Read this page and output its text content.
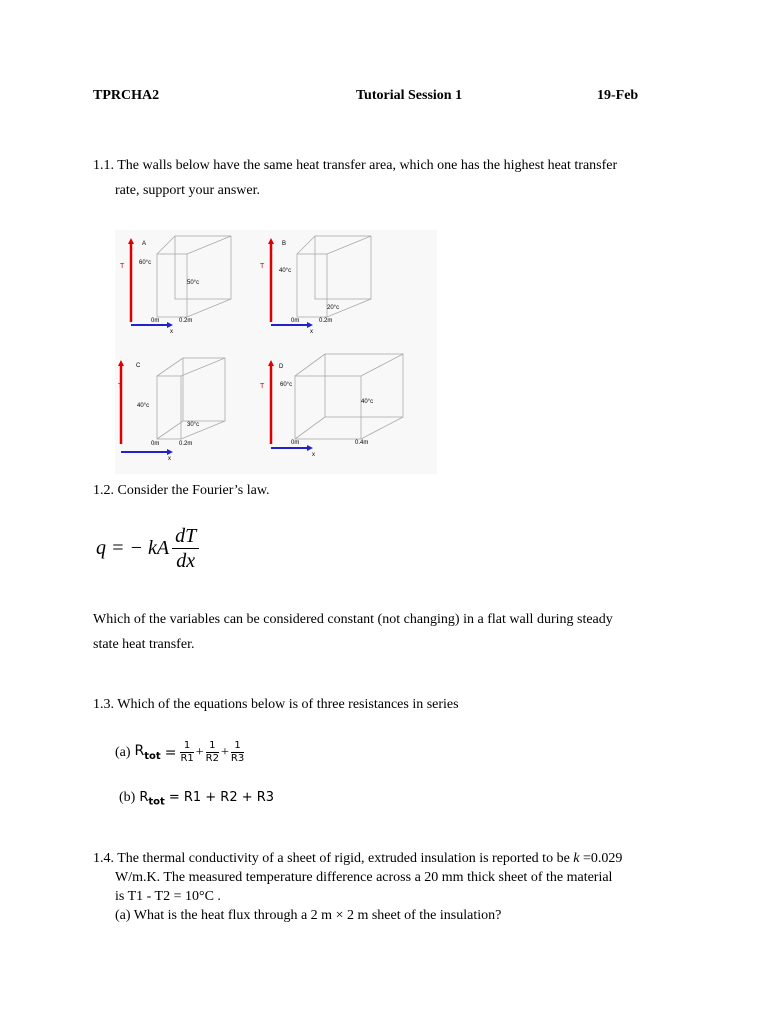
TPRCHA2	Tutorial Session 1	19-Feb
1.1. The walls below have the same heat transfer area, which one has the highest heat transfer
rate, support your answer.
T
x
A
60°c
50°c
0m	0.2m
T
x
B
40°c
20°c
0m	0.2m
T
x
C
40°c
30°c
0m	0.2m
T
x
D
60°c
40°c
0m	0.4m
1.2. Consider the Fourier’s law.
q = − kA $\frac{dT}{dx}$
Which of the variables can be considered constant (not changing) in a flat wall during steady
state heat transfer.
1.3. Which of the equations below is of three resistances in series
(a) $R_{tot} = \frac{1}{R1} + \frac{1}{R2} + \frac{1}{R3}$
(b) $R_{tot} = R1 + R2 + R3$
1.4. The thermal conductivity of a sheet of rigid, extruded insulation is reported to be k =0.029
W/m.K. The measured temperature difference across a 20 mm thick sheet of the material
is T1 - T2 = 10°C .
(a) What is the heat flux through a 2 m × 2 m sheet of the insulation?
